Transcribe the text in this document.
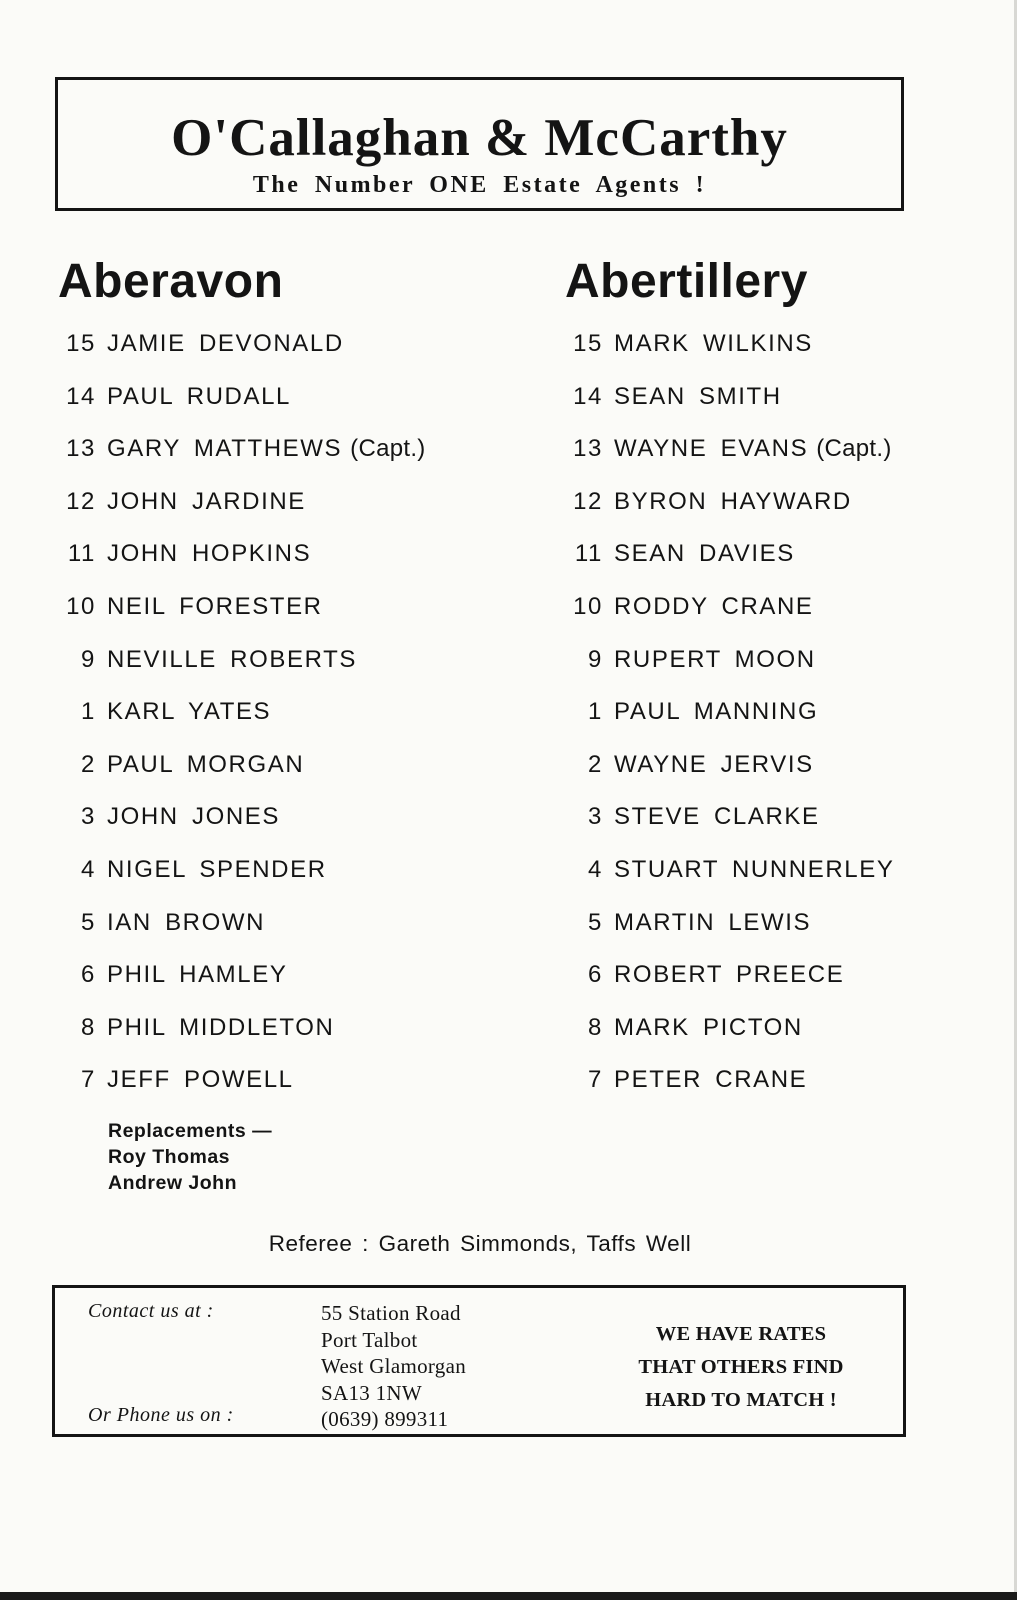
O'Callaghan & McCarthy
The Number ONE Estate Agents !
Aberavon
15 JAMIE DEVONALD
14 PAUL RUDALL
13 GARY MATTHEWS (Capt.)
12 JOHN JARDINE
11 JOHN HOPKINS
10 NEIL FORESTER
9 NEVILLE ROBERTS
1 KARL YATES
2 PAUL MORGAN
3 JOHN JONES
4 NIGEL SPENDER
5 IAN BROWN
6 PHIL HAMLEY
8 PHIL MIDDLETON
7 JEFF POWELL
Abertillery
15 MARK WILKINS
14 SEAN SMITH
13 WAYNE EVANS (Capt.)
12 BYRON HAYWARD
11 SEAN DAVIES
10 RODDY CRANE
9 RUPERT MOON
1 PAUL MANNING
2 WAYNE JERVIS
3 STEVE CLARKE
4 STUART NUNNERLEY
5 MARTIN LEWIS
6 ROBERT PREECE
8 MARK PICTON
7 PETER CRANE
Replacements —
Roy Thomas
Andrew John
Referee : Gareth Simmonds, Taffs Well
Contact us at :
Or Phone us on :
55 Station Road
Port Talbot
West Glamorgan
SA13 1NW
(0639) 899311
WE HAVE RATES
THAT OTHERS FIND
HARD TO MATCH !
